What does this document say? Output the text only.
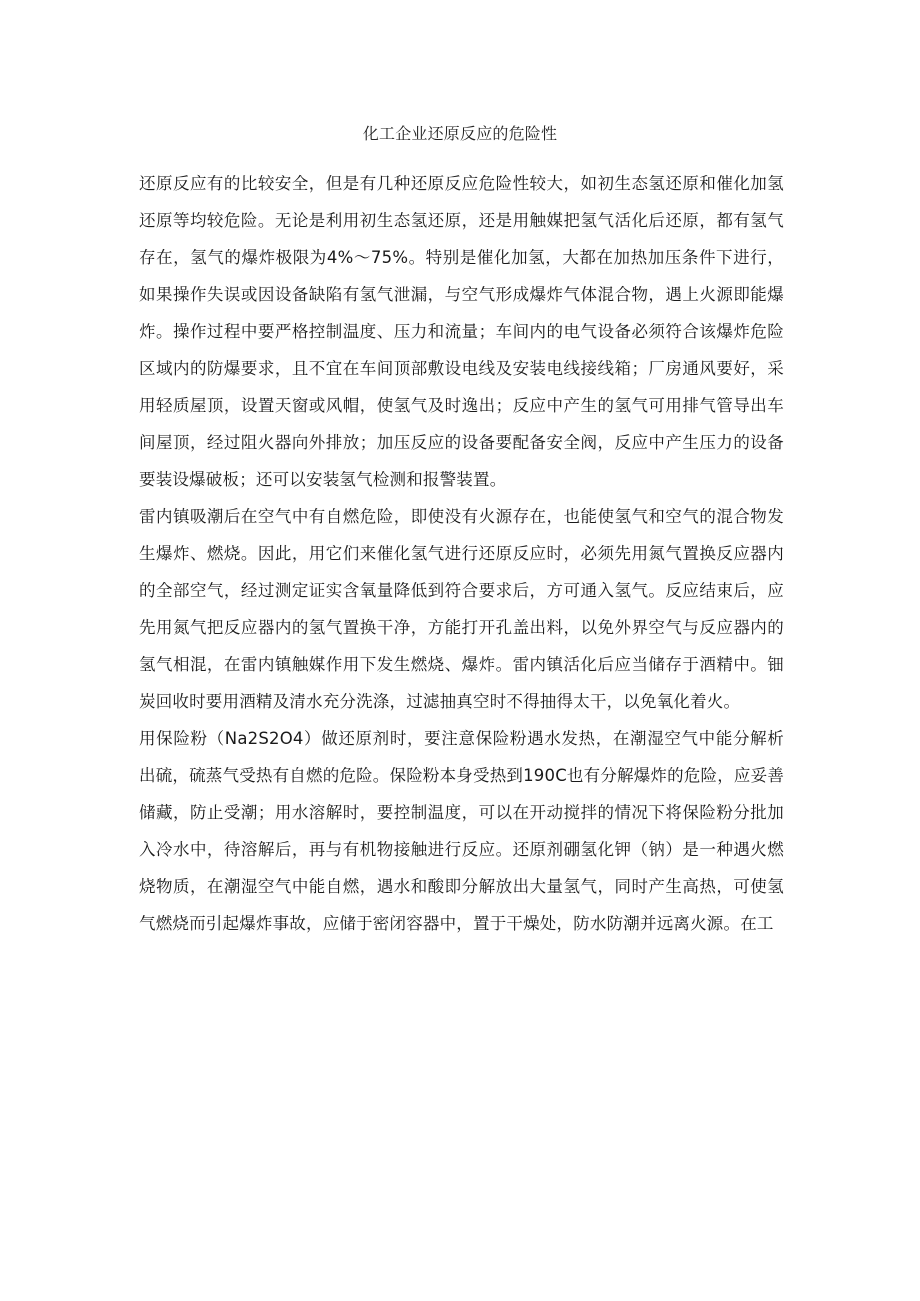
化工企业还原反应的危险性

还原反应有的比较安全，但是有几种还原反应危险性较大，如初生态氢还原和催化加氢还原等均较危险。无论是利用初生态氢还原，还是用触媒把氢气活化后还原，都有氢气存在，氢气的爆炸极限为4%～75%。特别是催化加氢，大都在加热加压条件下进行，如果操作失误或因设备缺陷有氢气泄漏，与空气形成爆炸气体混合物，遇上火源即能爆炸。操作过程中要严格控制温度、压力和流量；车间内的电气设备必须符合该爆炸危险区域内的防爆要求，且不宜在车间顶部敷设电线及安装电线接线箱；厂房通风要好，采用轻质屋顶，设置天窗或风帽，使氢气及时逸出；反应中产生的氢气可用排气管导出车间屋顶，经过阻火器向外排放；加压反应的设备要配备安全阀，反应中产生压力的设备要装设爆破板；还可以安装氢气检测和报警装置。

雷内镇吸潮后在空气中有自燃危险，即使没有火源存在，也能使氢气和空气的混合物发生爆炸、燃烧。因此，用它们来催化氢气进行还原反应时，必须先用氮气置换反应器内的全部空气，经过测定证实含氧量降低到符合要求后，方可通入氢气。反应结束后，应先用氮气把反应器内的氢气置换干净，方能打开孔盖出料，以免外界空气与反应器内的氢气相混，在雷内镇触媒作用下发生燃烧、爆炸。雷内镇活化后应当储存于酒精中。钿炭回收时要用酒精及清水充分洗涤，过滤抽真空时不得抽得太干，以免氧化着火。

用保险粉（Na2S2O4）做还原剂时，要注意保险粉遇水发热，在潮湿空气中能分解析出硫，硫蒸气受热有自燃的危险。保险粉本身受热到190C也有分解爆炸的危险，应妥善储藏，防止受潮；用水溶解时，要控制温度，可以在开动搅拌的情况下将保险粉分批加入冷水中，待溶解后，再与有机物接触进行反应。还原剂硼氢化钾（钠）是一种遇火燃烧物质，在潮湿空气中能自燃，遇水和酸即分解放出大量氢气，同时产生高热，可使氢气燃烧而引起爆炸事故，应储于密闭容器中，置于干燥处，防水防潮并远离火源。在工
